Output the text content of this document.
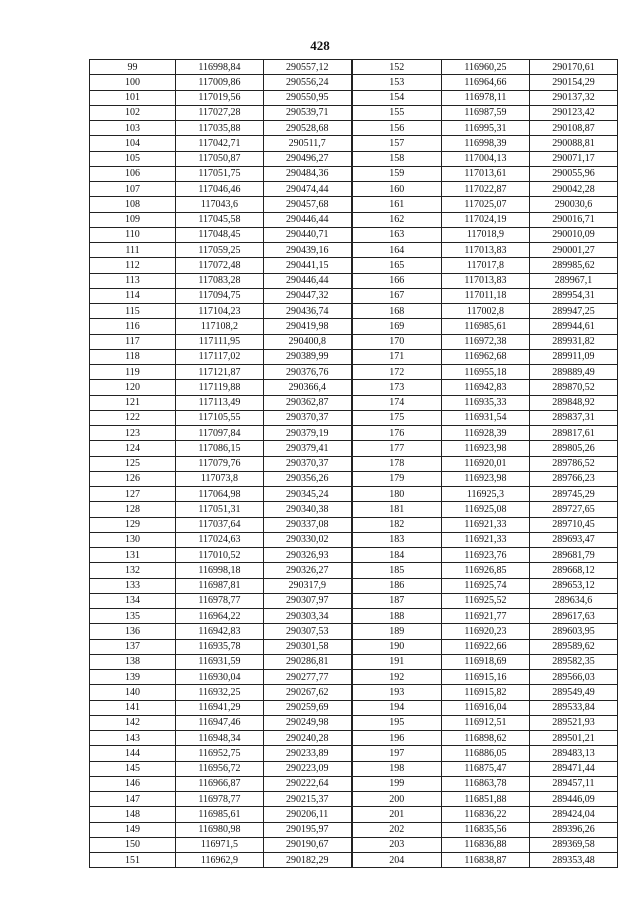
428
99	116998,84	290557,12	152	116960,25	290170,61
100	117009,86	290556,24	153	116964,66	290154,29
101	117019,56	290550,95	154	116978,11	290137,32
102	117027,28	290539,71	155	116987,59	290123,42
103	117035,88	290528,68	156	116995,31	290108,87
104	117042,71	290511,7	157	116998,39	290088,81
105	117050,87	290496,27	158	117004,13	290071,17
106	117051,75	290484,36	159	117013,61	290055,96
107	117046,46	290474,44	160	117022,87	290042,28
108	117043,6	290457,68	161	117025,07	290030,6
109	117045,58	290446,44	162	117024,19	290016,71
110	117048,45	290440,71	163	117018,9	290010,09
111	117059,25	290439,16	164	117013,83	290001,27
112	117072,48	290441,15	165	117017,8	289985,62
113	117083,28	290446,44	166	117013,83	289967,1
114	117094,75	290447,32	167	117011,18	289954,31
115	117104,23	290436,74	168	117002,8	289947,25
116	117108,2	290419,98	169	116985,61	289944,61
117	117111,95	290400,8	170	116972,38	289931,82
118	117117,02	290389,99	171	116962,68	289911,09
119	117121,87	290376,76	172	116955,18	289889,49
120	117119,88	290366,4	173	116942,83	289870,52
121	117113,49	290362,87	174	116935,33	289848,92
122	117105,55	290370,37	175	116931,54	289837,31
123	117097,84	290379,19	176	116928,39	289817,61
124	117086,15	290379,41	177	116923,98	289805,26
125	117079,76	290370,37	178	116920,01	289786,52
126	117073,8	290356,26	179	116923,98	289766,23
127	117064,98	290345,24	180	116925,3	289745,29
128	117051,31	290340,38	181	116925,08	289727,65
129	117037,64	290337,08	182	116921,33	289710,45
130	117024,63	290330,02	183	116921,33	289693,47
131	117010,52	290326,93	184	116923,76	289681,79
132	116998,18	290326,27	185	116926,85	289668,12
133	116987,81	290317,9	186	116925,74	289653,12
134	116978,77	290307,97	187	116925,52	289634,6
135	116964,22	290303,34	188	116921,77	289617,63
136	116942,83	290307,53	189	116920,23	289603,95
137	116935,78	290301,58	190	116922,66	289589,62
138	116931,59	290286,81	191	116918,69	289582,35
139	116930,04	290277,77	192	116915,16	289566,03
140	116932,25	290267,62	193	116915,82	289549,49
141	116941,29	290259,69	194	116916,04	289533,84
142	116947,46	290249,98	195	116912,51	289521,93
143	116948,34	290240,28	196	116898,62	289501,21
144	116952,75	290233,89	197	116886,05	289483,13
145	116956,72	290223,09	198	116875,47	289471,44
146	116966,87	290222,64	199	116863,78	289457,11
147	116978,77	290215,37	200	116851,88	289446,09
148	116985,61	290206,11	201	116836,22	289424,04
149	116980,98	290195,97	202	116835,56	289396,26
150	116971,5	290190,67	203	116836,88	289369,58
151	116962,9	290182,29	204	116838,87	289353,48
